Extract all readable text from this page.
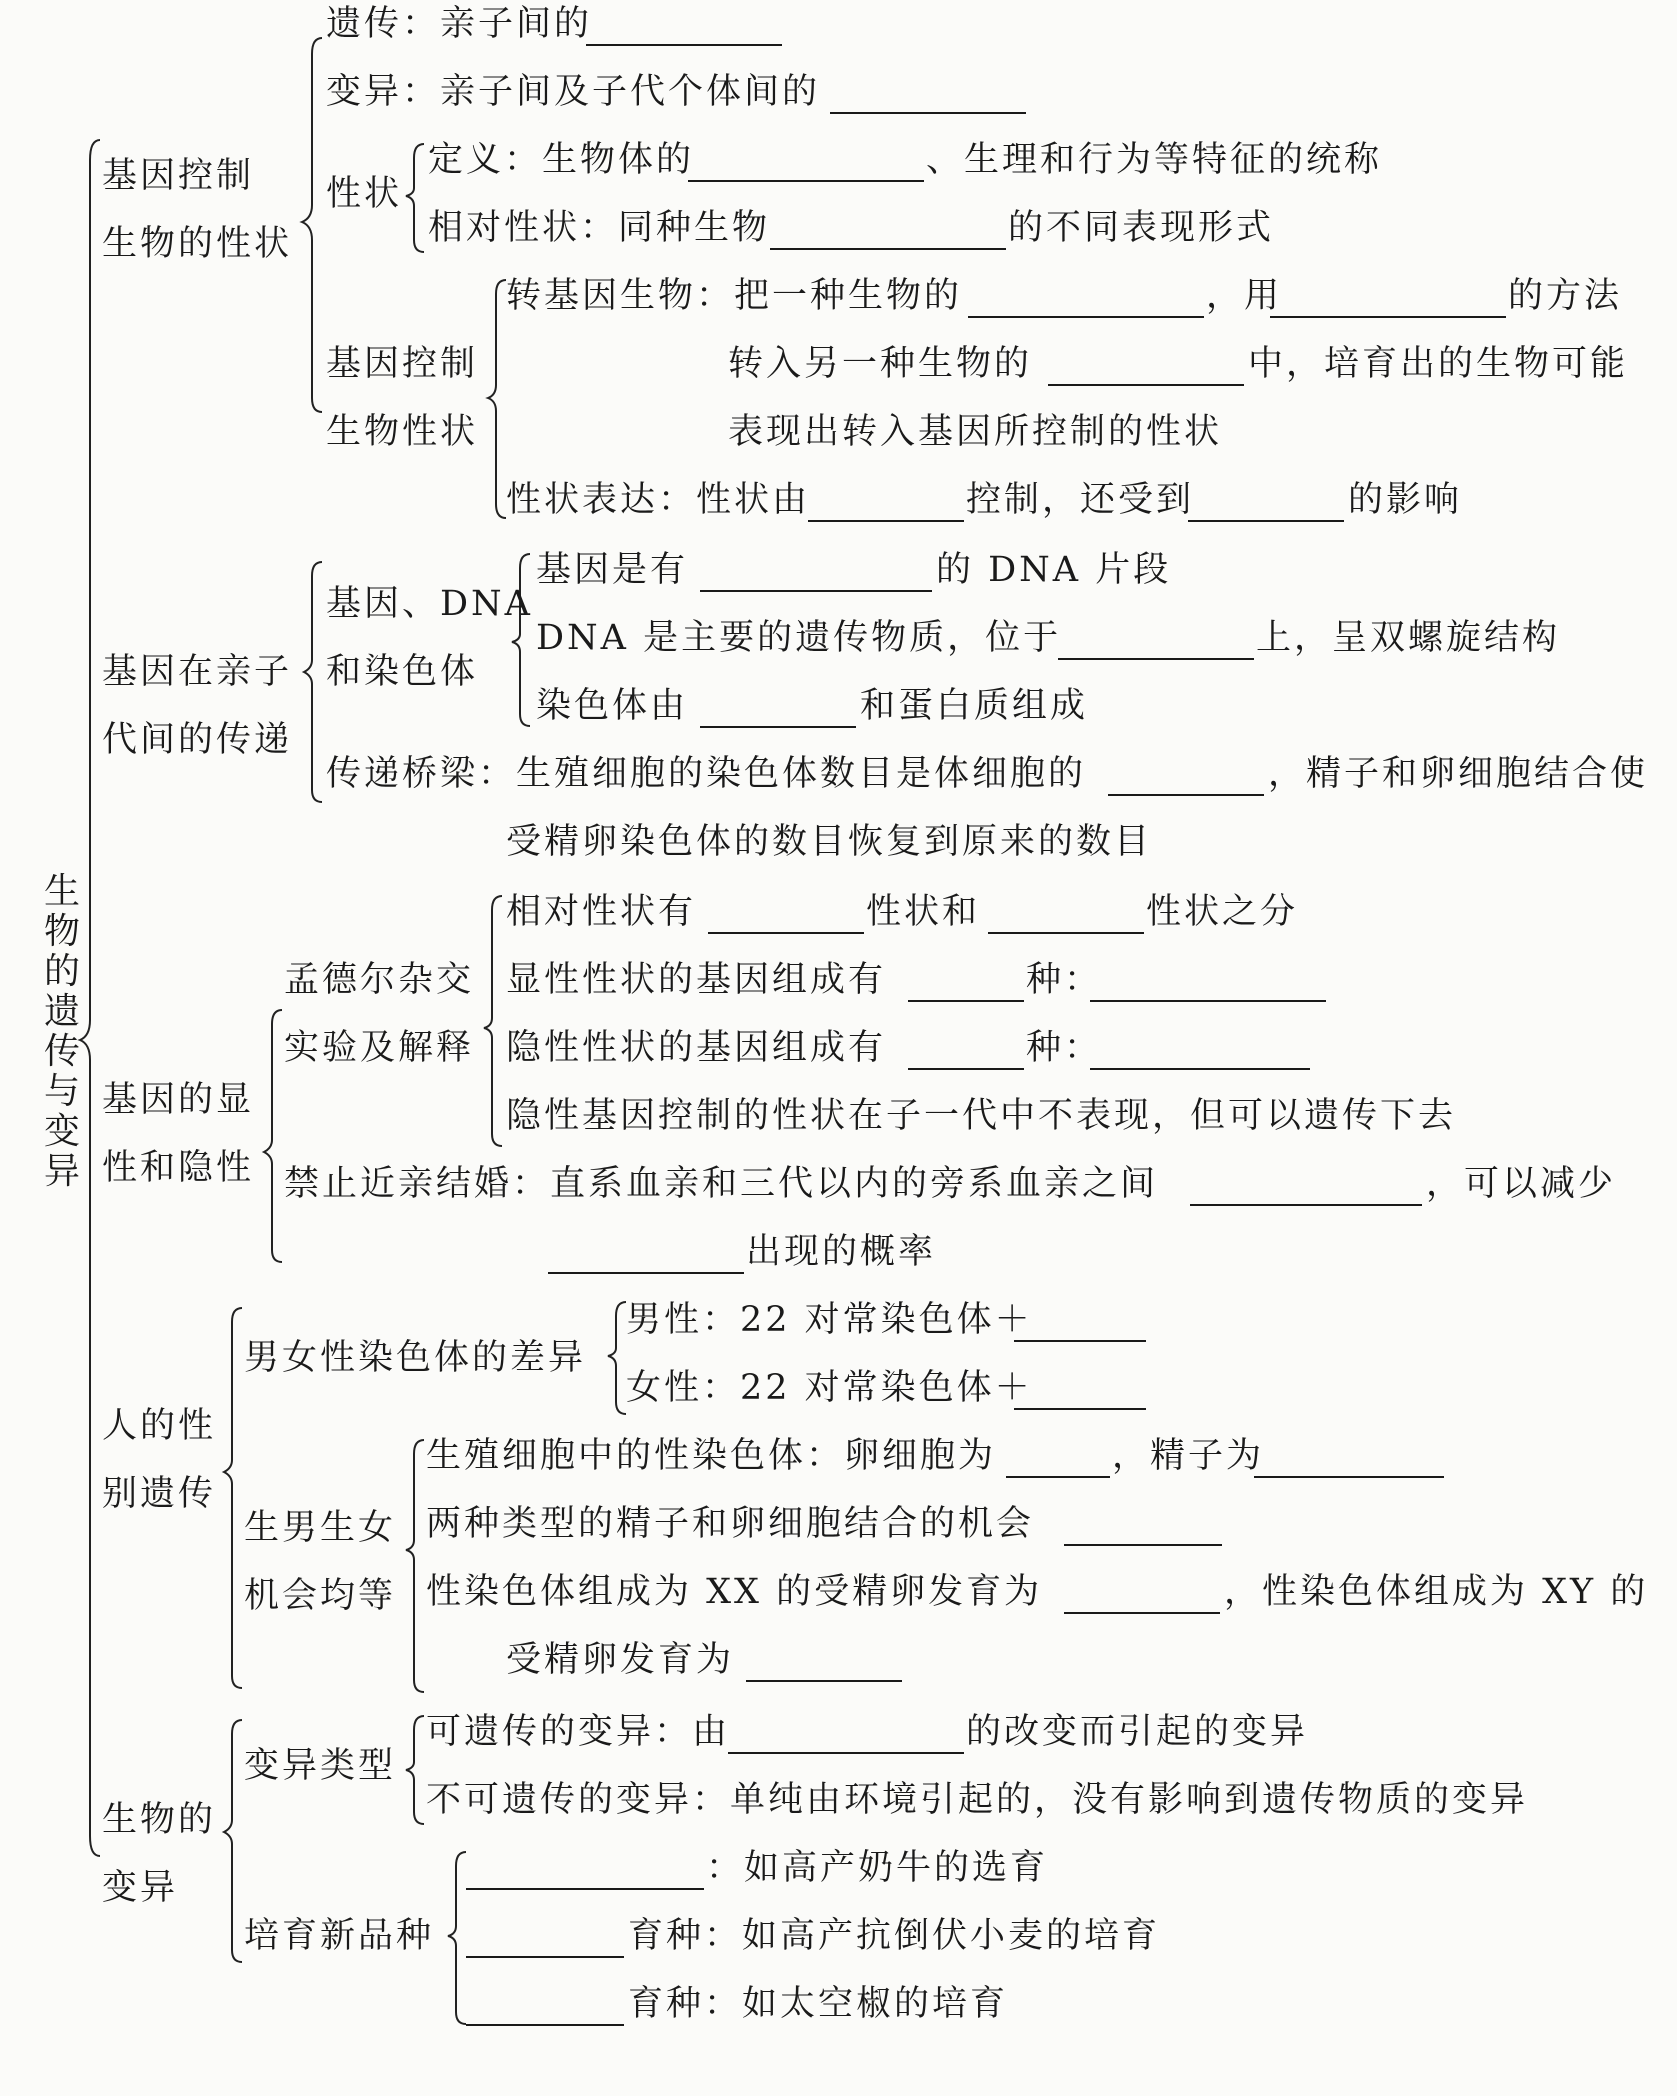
生物的遗传与变异
基因控制
生物的性状
遗传：亲子间的
变异：亲子间及子代个体间的
性状
定义：生物体的	、生理和行为等特征的统称
相对性状：同种生物	的不同表现形式
基因控制
生物性状
转基因生物：把一种生物的	，用	的方法
转入另一种生物的	中，培育出的生物可能
表现出转入基因所控制的性状
性状表达：性状由	控制，还受到	的影响
基因在亲子
代间的传递
基因、DNA
和染色体
基因是有	的 DNA 片段
DNA 是主要的遗传物质，位于	上，呈双螺旋结构
染色体由	和蛋白质组成
传递桥梁：生殖细胞的染色体数目是体细胞的	，精子和卵细胞结合使
受精卵染色体的数目恢复到原来的数目
基因的显
性和隐性
孟德尔杂交
实验及解释
相对性状有	性状和	性状之分
显性性状的基因组成有	种：
隐性性状的基因组成有	种：
隐性基因控制的性状在子一代中不表现，但可以遗传下去
禁止近亲结婚：直系血亲和三代以内的旁系血亲之间	，可以减少
出现的概率
人的性
别遗传
男女性染色体的差异
男性：22 对常染色体＋
女性：22 对常染色体＋
生男生女
机会均等
生殖细胞中的性染色体：卵细胞为	，精子为
两种类型的精子和卵细胞结合的机会
性染色体组成为 XX 的受精卵发育为	，性染色体组成为 XY 的
受精卵发育为
生物的
变异
变异类型
可遗传的变异：由	的改变而引起的变异
不可遗传的变异：单纯由环境引起的，没有影响到遗传物质的变异
培育新品种
：如高产奶牛的选育
育种：如高产抗倒伏小麦的培育
育种：如太空椒的培育
